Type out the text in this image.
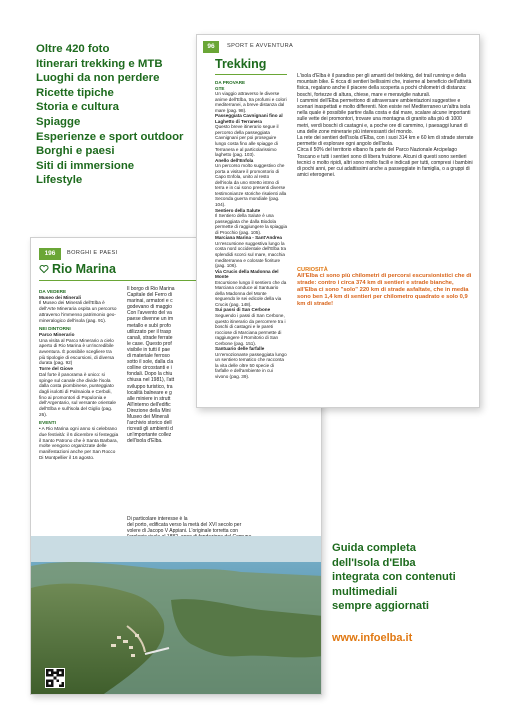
Oltre 420 foto
Itinerari trekking e MTB
Luoghi da non perdere
Ricette tipiche
Storia e cultura
Spiagge
Esperienze e sport outdoor
Borghi e paesi
Siti di immersione
Lifestyle
196	BORGHI E PAESI
Rio Marina

DA VEDERE

Museo dei Minerali

Il Museo dei Minerali dell'Elba è dell'Arte Mineraria ospita un percorso attraverso l'immenso patrimonio geo-mineralogico dell'isola (pag. 91).

NEI DINTORNI

Parco Minerario

Una visita al Parco Minerario a cielo aperto di Rio Marina è un'incredibile avventura. È possibile scegliere tra più tipologie di escursioni, di diversa durata (pag. 92)

Torre del Giove

Dal forte il panorama è unico: si spinge sul canale che divide l'isola dalla costa piombinese, punteggiato dagli isolotti di Palmaiola e Cerboli, fino ai promontori di Populonia e dell'Argentario, sul versante orientale dell'Elba e sull'isola del Giglio (pag. 26).

EVENTI

• A Rio Marina ogni anno si celebrano due festività: il 6 dicembre si festeggia il Santo Patrono che è Santa Barbara, molte vengono organizzate delle manifestazioni anche per San Rocco Di Montpellier il 16 agosto.

Il borgo di Rio Marina
Capitale del Ferro di
marinai, armatori e c
godevano di maggio
Con l'avvento del va
paese divenne un im
metallo e subì profo
utilizzato per il trasp
canali, strade ferrate
le case. Questo prof
visibile in tutti il pae
di materiale ferroso
sotto il sole, dalla cla
colline circostanti e i
fondali. Dopo la chiu
chiusa nel 1981), l'att
sviluppo turistico, tra
località balneare e g
alle miniere in strutt
All'interno dell'edific
Direzione della Mini
Museo dei Minerali
l'archivio storico dell
ricreati gli ambienti d
un'importante collez
dell'isola d'Elba.
Di particolare interesse è la
del porto, edificata verso la metà del XVI secolo per
volere di Jacopo V Appiani. L'originale torretta con
96	SPORT E AVVENTURA
Trekking

DA PROVARE

GTE

Un viaggio attraverso le diverse anime dell'Elba, tra profumi e colori mediterranei, a breve distanza dal mare (pag. 98).

Passeggiata Cavnignani fino al Laghetto di Terranera

Questo breve itinerario segue il percorso della passeggiata Cavnignani per poi proseguire lungo costa fino alle spiagge di Terranera e al particolarissimo laghetto (pag. 103).

Anello dell'Enfola

Un percorso molto suggestivo che porta a visitare il promontorio di Capo Enfola, unito al resto dell'isola da uno stretto istmo di terra e in cui sono presenti diverse testimonianze storiche risalenti alla Seconda guerra mondiale (pag. 104).

Sentiero della Salute

Il Sentiero della Salute è una passeggiata che dalla Biodola permette di raggiungere la spiaggia di Procchio (pag. 105).

Marciana Marina - Sant'Andrea

Un'escursione suggestiva lungo la costa nord occidentale dell'Elba tra splendidi scorci sul mare, macchia mediterranea e colorate fioriture (pag. 106).

Via Crucis della Madonna del Monte

Escursione lungo il sentiero che da Marciana conduce al Santuario della Madonna del Monte seguendo le sei edicole della via Crucis (pag. 148).

Sui passi di San Cerbone

Seguendo i passi di San Cerbone, questo itinerario da percorrere tra i boschi di castagni e le pareti rocciose di Marciana permette di raggiungere il Romitorio di San Cerbone (pag. 151).

Santuario delle farfalle

Un'emozionante passeggiata lungo un sentiero tematico che racconta la vita delle oltre 50 specie di farfalle e dell'ambiente in cui vivono (pag. 39).

L'isola d'Elba è il paradiso per gli amanti del trekking, del trail running e della mountain bike. È ricca di sentieri bellissimi che, insieme al beneficio dell'attività fisica, regalano anche il piacere della scoperta a pochi chilometri di distanza: boschi, fortezze di altura, chiese, mare e meraviglie naturali.

I cammini dell'Elba permettono di attraversare ambientazioni suggestive e scenari inaspettati e molto differenti. Non esiste nel Mediterraneo un'altra isola nella quale è possibile partire dalla costa e dal mare, scalare alcune importanti sulle vette dei promontori, trovare una montagna di granito alta più di 1000 metri, verdi boschi di castagni e, a poche ore di cammino, i paesaggi lunari di una delle zone minerarie più interessanti del mondo.

La rete dei sentieri dell'isola d'Elba, con i suoi 314 km e 60 km di strade sterrate permette di esplorare ogni angolo dell'isola.

Circa il 50% del territorio elbano fa parte del Parco Nazionale Arcipelago Toscano e tutti i sentieri sono di libera fruizione. Alcuni di questi sono sentieri tecnici o molto ripidi, altri sono molto facili e indicati per tutti, compresi i bambini di pochi anni, per cui adattissimi anche a passeggiate in famiglia, o a gruppi di amici eterogenei.

CURIOSITÀ
All'Elba ci sono più chilometri di percorsi escursionistici che di strade: contro i circa 374 km di sentieri e strade bianche, all'Elba ci sono "solo" 220 km di strade asfaltate, che in media sono ben 1,4 km di sentieri per chilometro quadrato e solo 0,9 km di strade!
Guida completa
dell'Isola d'Elba
integrata con contenuti
multimediali
sempre aggiornati
www.infoelba.it
